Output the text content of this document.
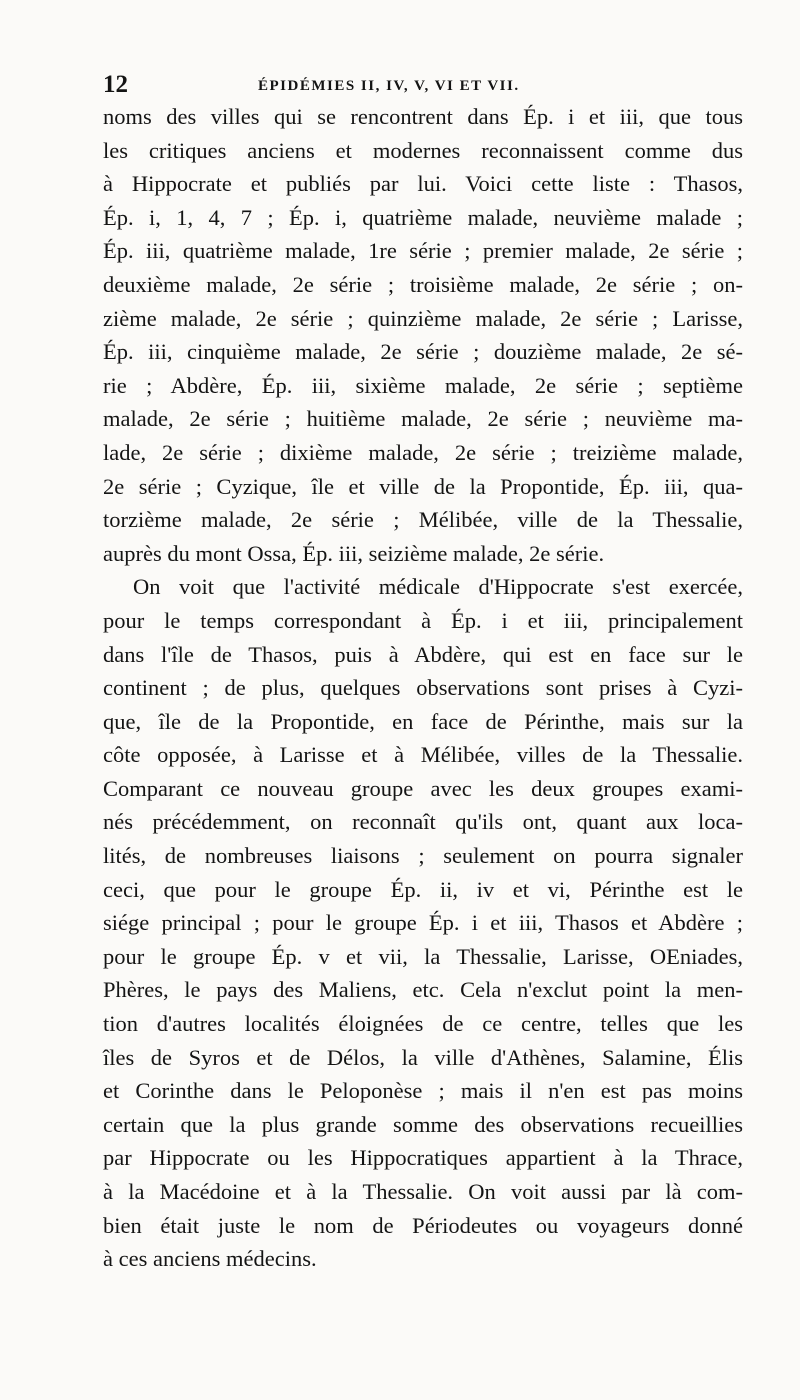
12	ÉPIDÉMIES II, IV, V, VI ET VII.
noms des villes qui se rencontrent dans Ép. i et iii, que tous
les critiques anciens et modernes reconnaissent comme dus
à Hippocrate et publiés par lui. Voici cette liste : Thasos,
Ép. i, 1, 4, 7 ; Ép. i, quatrième malade, neuvième malade ;
Ép. iii, quatrième malade, 1re série ; premier malade, 2e série ;
deuxième malade, 2e série ; troisième malade, 2e série ; on-
zième malade, 2e série ; quinzième malade, 2e série ; Larisse,
Ép. iii, cinquième malade, 2e série ; douzième malade, 2e sé-
rie ; Abdère, Ép. iii, sixième malade, 2e série ; septième
malade, 2e série ; huitième malade, 2e série ; neuvième ma-
lade, 2e série ; dixième malade, 2e série ; treizième malade,
2e série ; Cyzique, île et ville de la Propontide, Ép. iii, qua-
torzième malade, 2e série ; Mélibée, ville de la Thessalie,
auprès du mont Ossa, Ép. iii, seizième malade, 2e série.
On voit que l'activité médicale d'Hippocrate s'est exercée,
pour le temps correspondant à Ép. i et iii, principalement
dans l'île de Thasos, puis à Abdère, qui est en face sur le
continent ; de plus, quelques observations sont prises à Cyzi-
que, île de la Propontide, en face de Périnthe, mais sur la
côte opposée, à Larisse et à Mélibée, villes de la Thessalie.
Comparant ce nouveau groupe avec les deux groupes exami-
nés précédemment, on reconnaît qu'ils ont, quant aux loca-
lités, de nombreuses liaisons ; seulement on pourra signaler
ceci, que pour le groupe Ép. ii, iv et vi, Périnthe est le
siége principal ; pour le groupe Ép. i et iii, Thasos et Abdère ;
pour le groupe Ép. v et vii, la Thessalie, Larisse, OEniades,
Phères, le pays des Maliens, etc. Cela n'exclut point la men-
tion d'autres localités éloignées de ce centre, telles que les
îles de Syros et de Délos, la ville d'Athènes, Salamine, Élis
et Corinthe dans le Peloponèse ; mais il n'en est pas moins
certain que la plus grande somme des observations recueillies
par Hippocrate ou les Hippocratiques appartient à la Thrace,
à la Macédoine et à la Thessalie. On voit aussi par là com-
bien était juste le nom de Périodeutes ou voyageurs donné
à ces anciens médecins.
